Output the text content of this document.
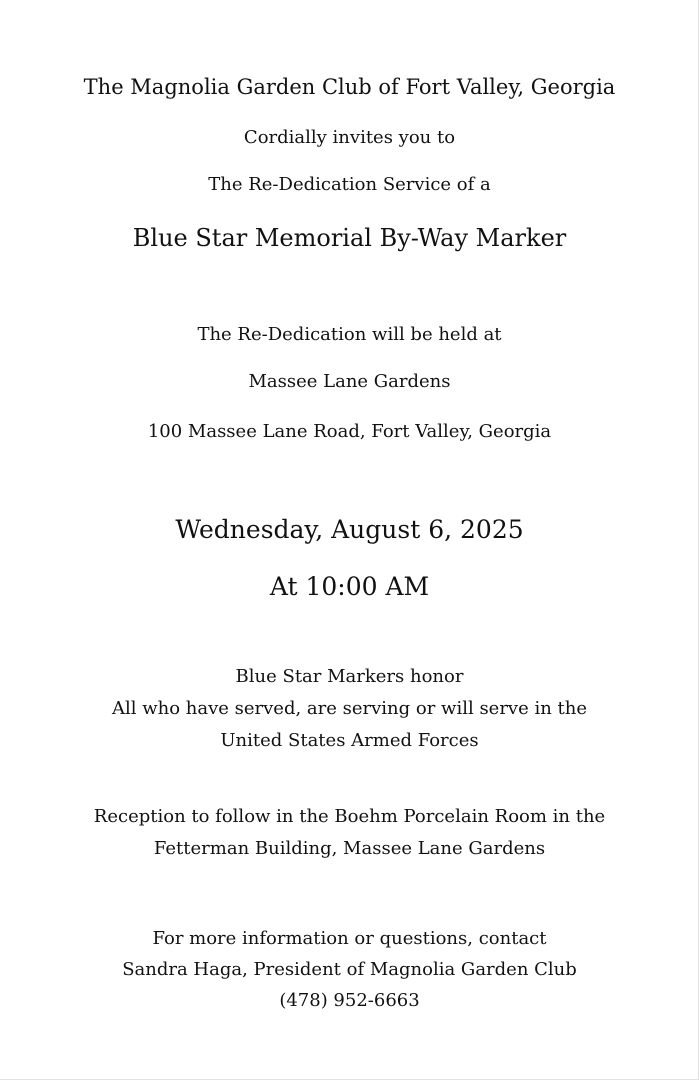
The Magnolia Garden Club of Fort Valley, Georgia
Cordially invites you to
The Re-Dedication Service of a
Blue Star Memorial By-Way Marker
The Re-Dedication will be held at
Massee Lane Gardens
100 Massee Lane Road, Fort Valley, Georgia
Wednesday, August 6, 2025
At 10:00 AM
Blue Star Markers honor
All who have served, are serving or will serve in the
United States Armed Forces
Reception to follow in the Boehm Porcelain Room in the
Fetterman Building, Massee Lane Gardens
For more information or questions, contact
Sandra Haga, President of Magnolia Garden Club
(478) 952-6663
